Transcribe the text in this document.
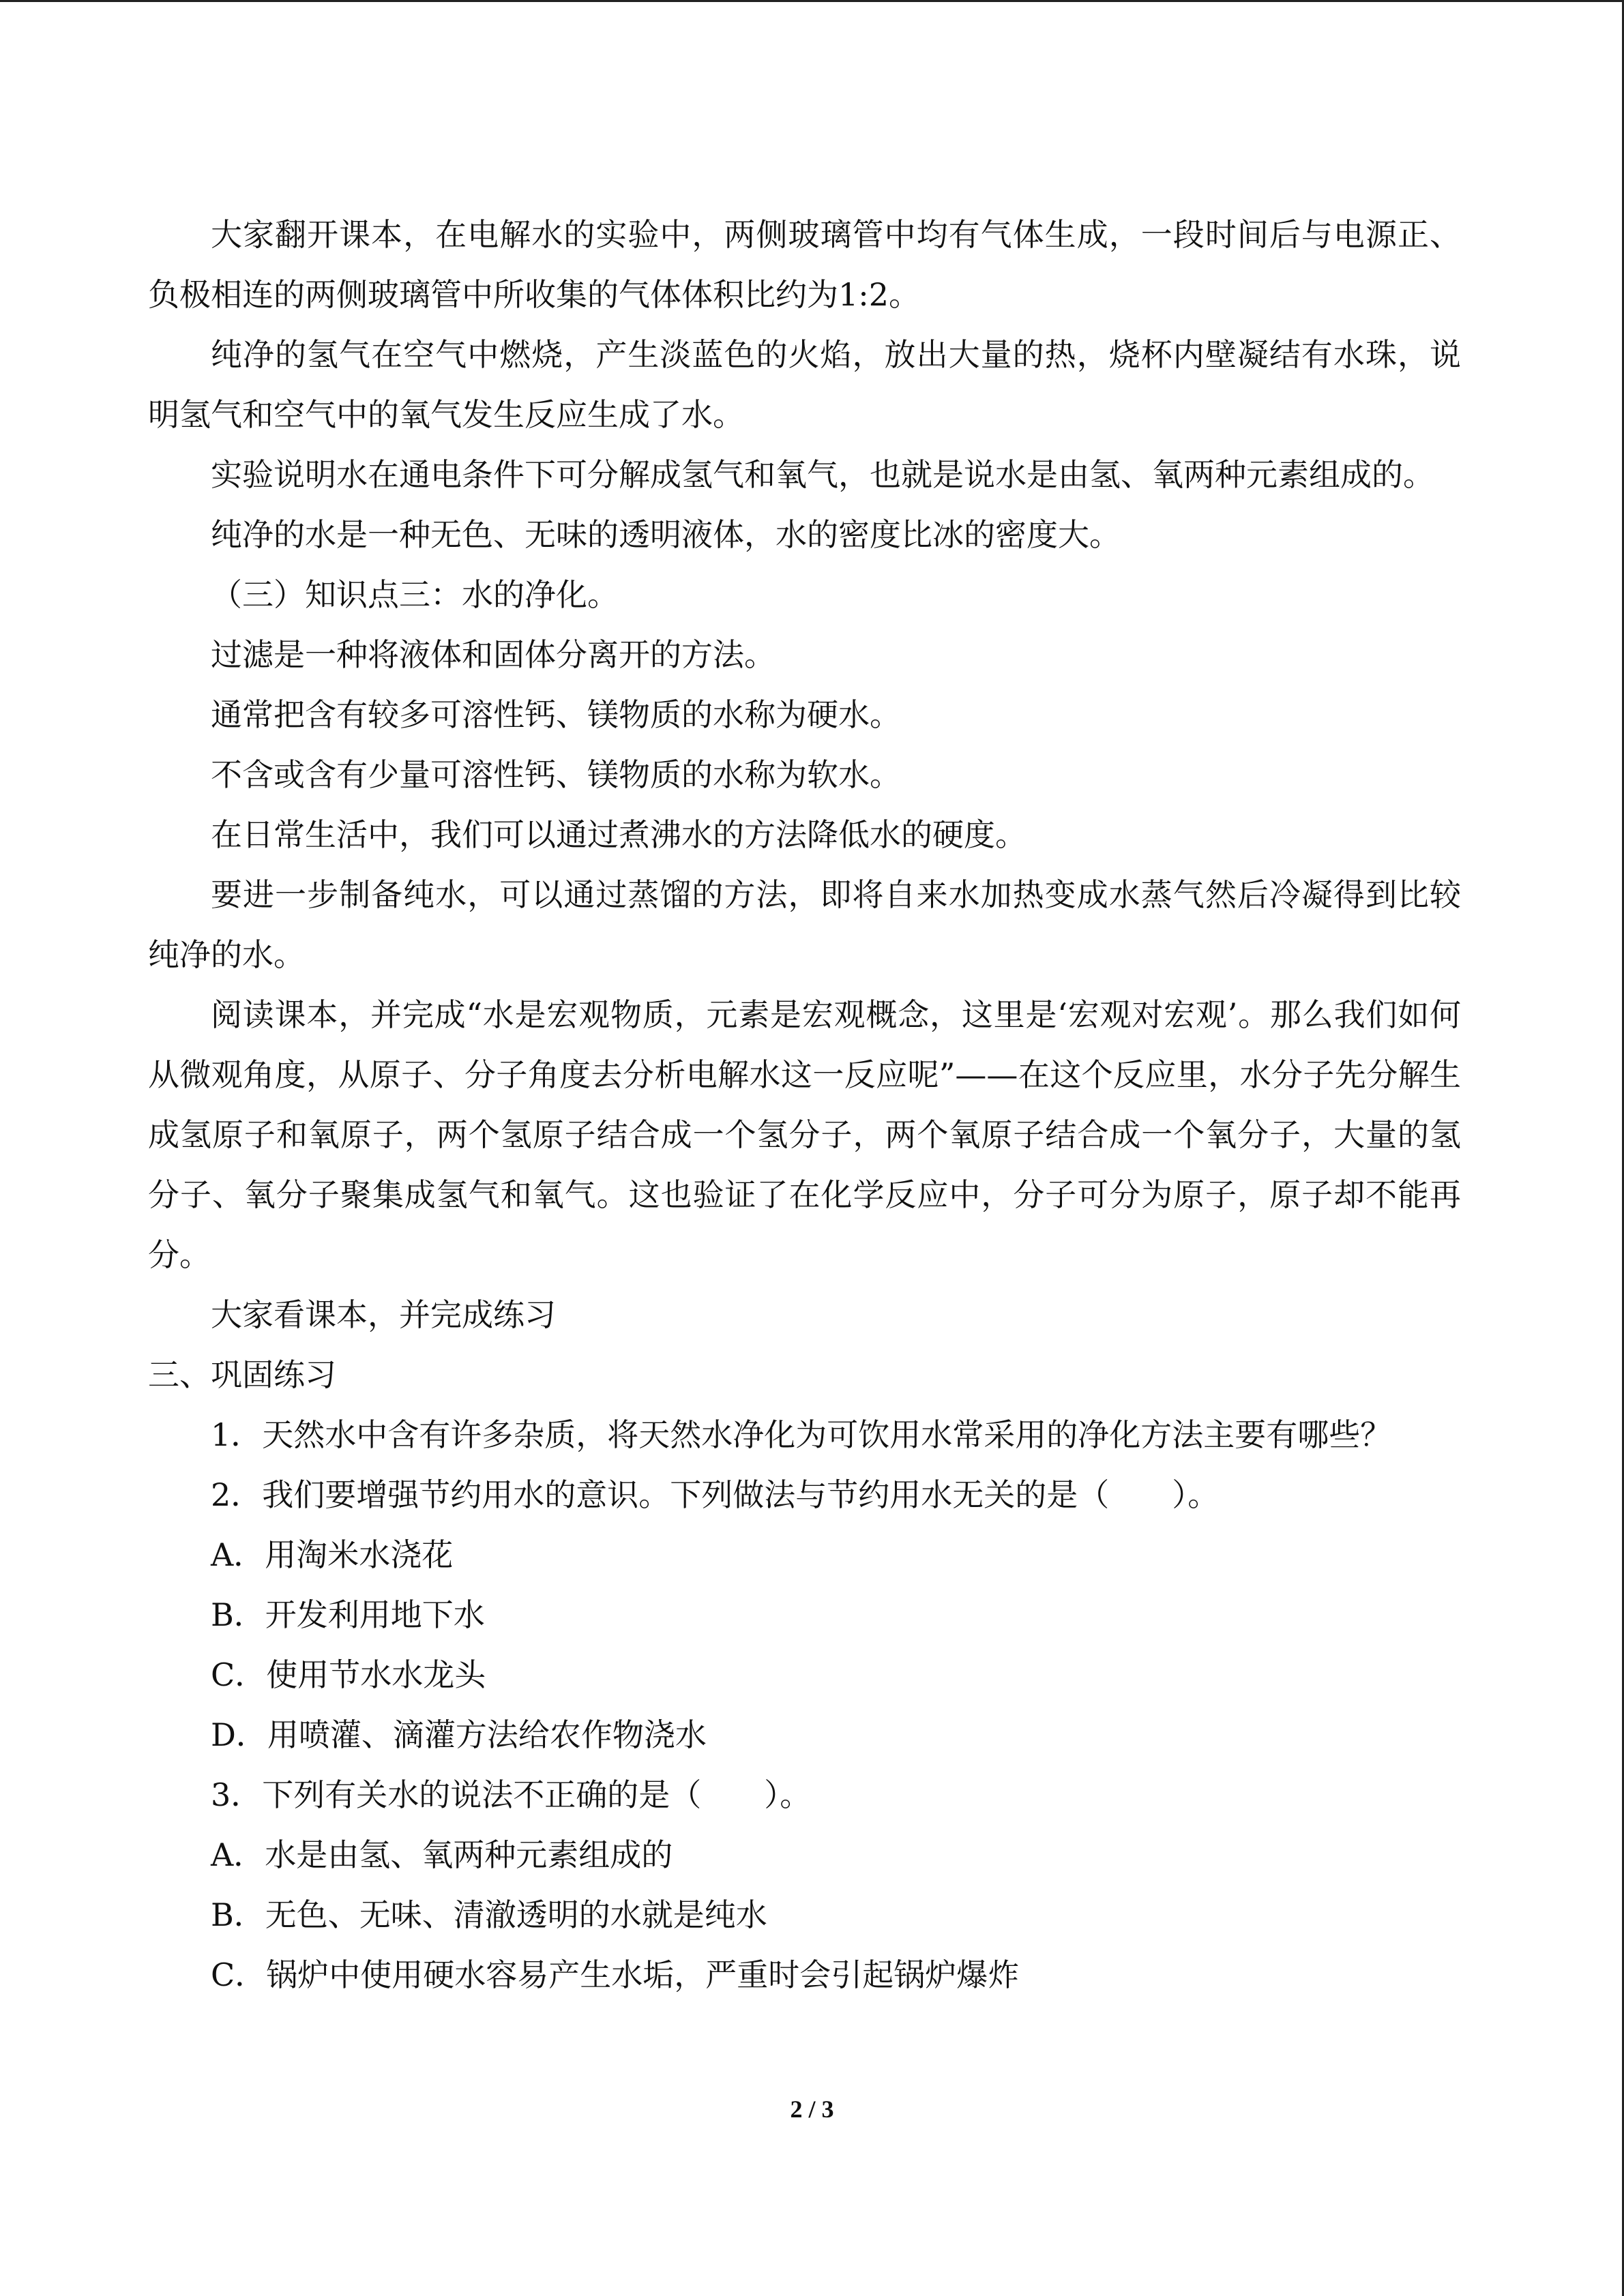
大家翻开课本，在电解水的实验中，两侧玻璃管中均有气体生成，一段时间后与电源正、负极相连的两侧玻璃管中所收集的气体体积比约为1:2。

纯净的氢气在空气中燃烧，产生淡蓝色的火焰，放出大量的热，烧杯内壁凝结有水珠，说明氢气和空气中的氧气发生反应生成了水。

实验说明水在通电条件下可分解成氢气和氧气，也就是说水是由氢、氧两种元素组成的。

纯净的水是一种无色、无味的透明液体，水的密度比冰的密度大。

（三）知识点三：水的净化。

过滤是一种将液体和固体分离开的方法。

通常把含有较多可溶性钙、镁物质的水称为硬水。

不含或含有少量可溶性钙、镁物质的水称为软水。

在日常生活中，我们可以通过煮沸水的方法降低水的硬度。

要进一步制备纯水，可以通过蒸馏的方法，即将自来水加热变成水蒸气然后冷凝得到比较纯净的水。

阅读课本，并完成“水是宏观物质，元素是宏观概念，这里是‘宏观对宏观’。那么我们如何从微观角度，从原子、分子角度去分析电解水这一反应呢”——在这个反应里，水分子先分解生成氢原子和氧原子，两个氢原子结合成一个氢分子，两个氧原子结合成一个氧分子，大量的氢分子、氧分子聚集成氢气和氧气。这也验证了在化学反应中，分子可分为原子，原子却不能再分。

大家看课本，并完成练习

三、巩固练习

1．天然水中含有许多杂质，将天然水净化为可饮用水常采用的净化方法主要有哪些？

2．我们要增强节约用水的意识。下列做法与节约用水无关的是（　　）。

A．用淘米水浇花

B．开发利用地下水

C．使用节水水龙头

D．用喷灌、滴灌方法给农作物浇水

3．下列有关水的说法不正确的是（　　）。

A．水是由氢、氧两种元素组成的

B．无色、无味、清澈透明的水就是纯水

C．锅炉中使用硬水容易产生水垢，严重时会引起锅炉爆炸

2 / 3
